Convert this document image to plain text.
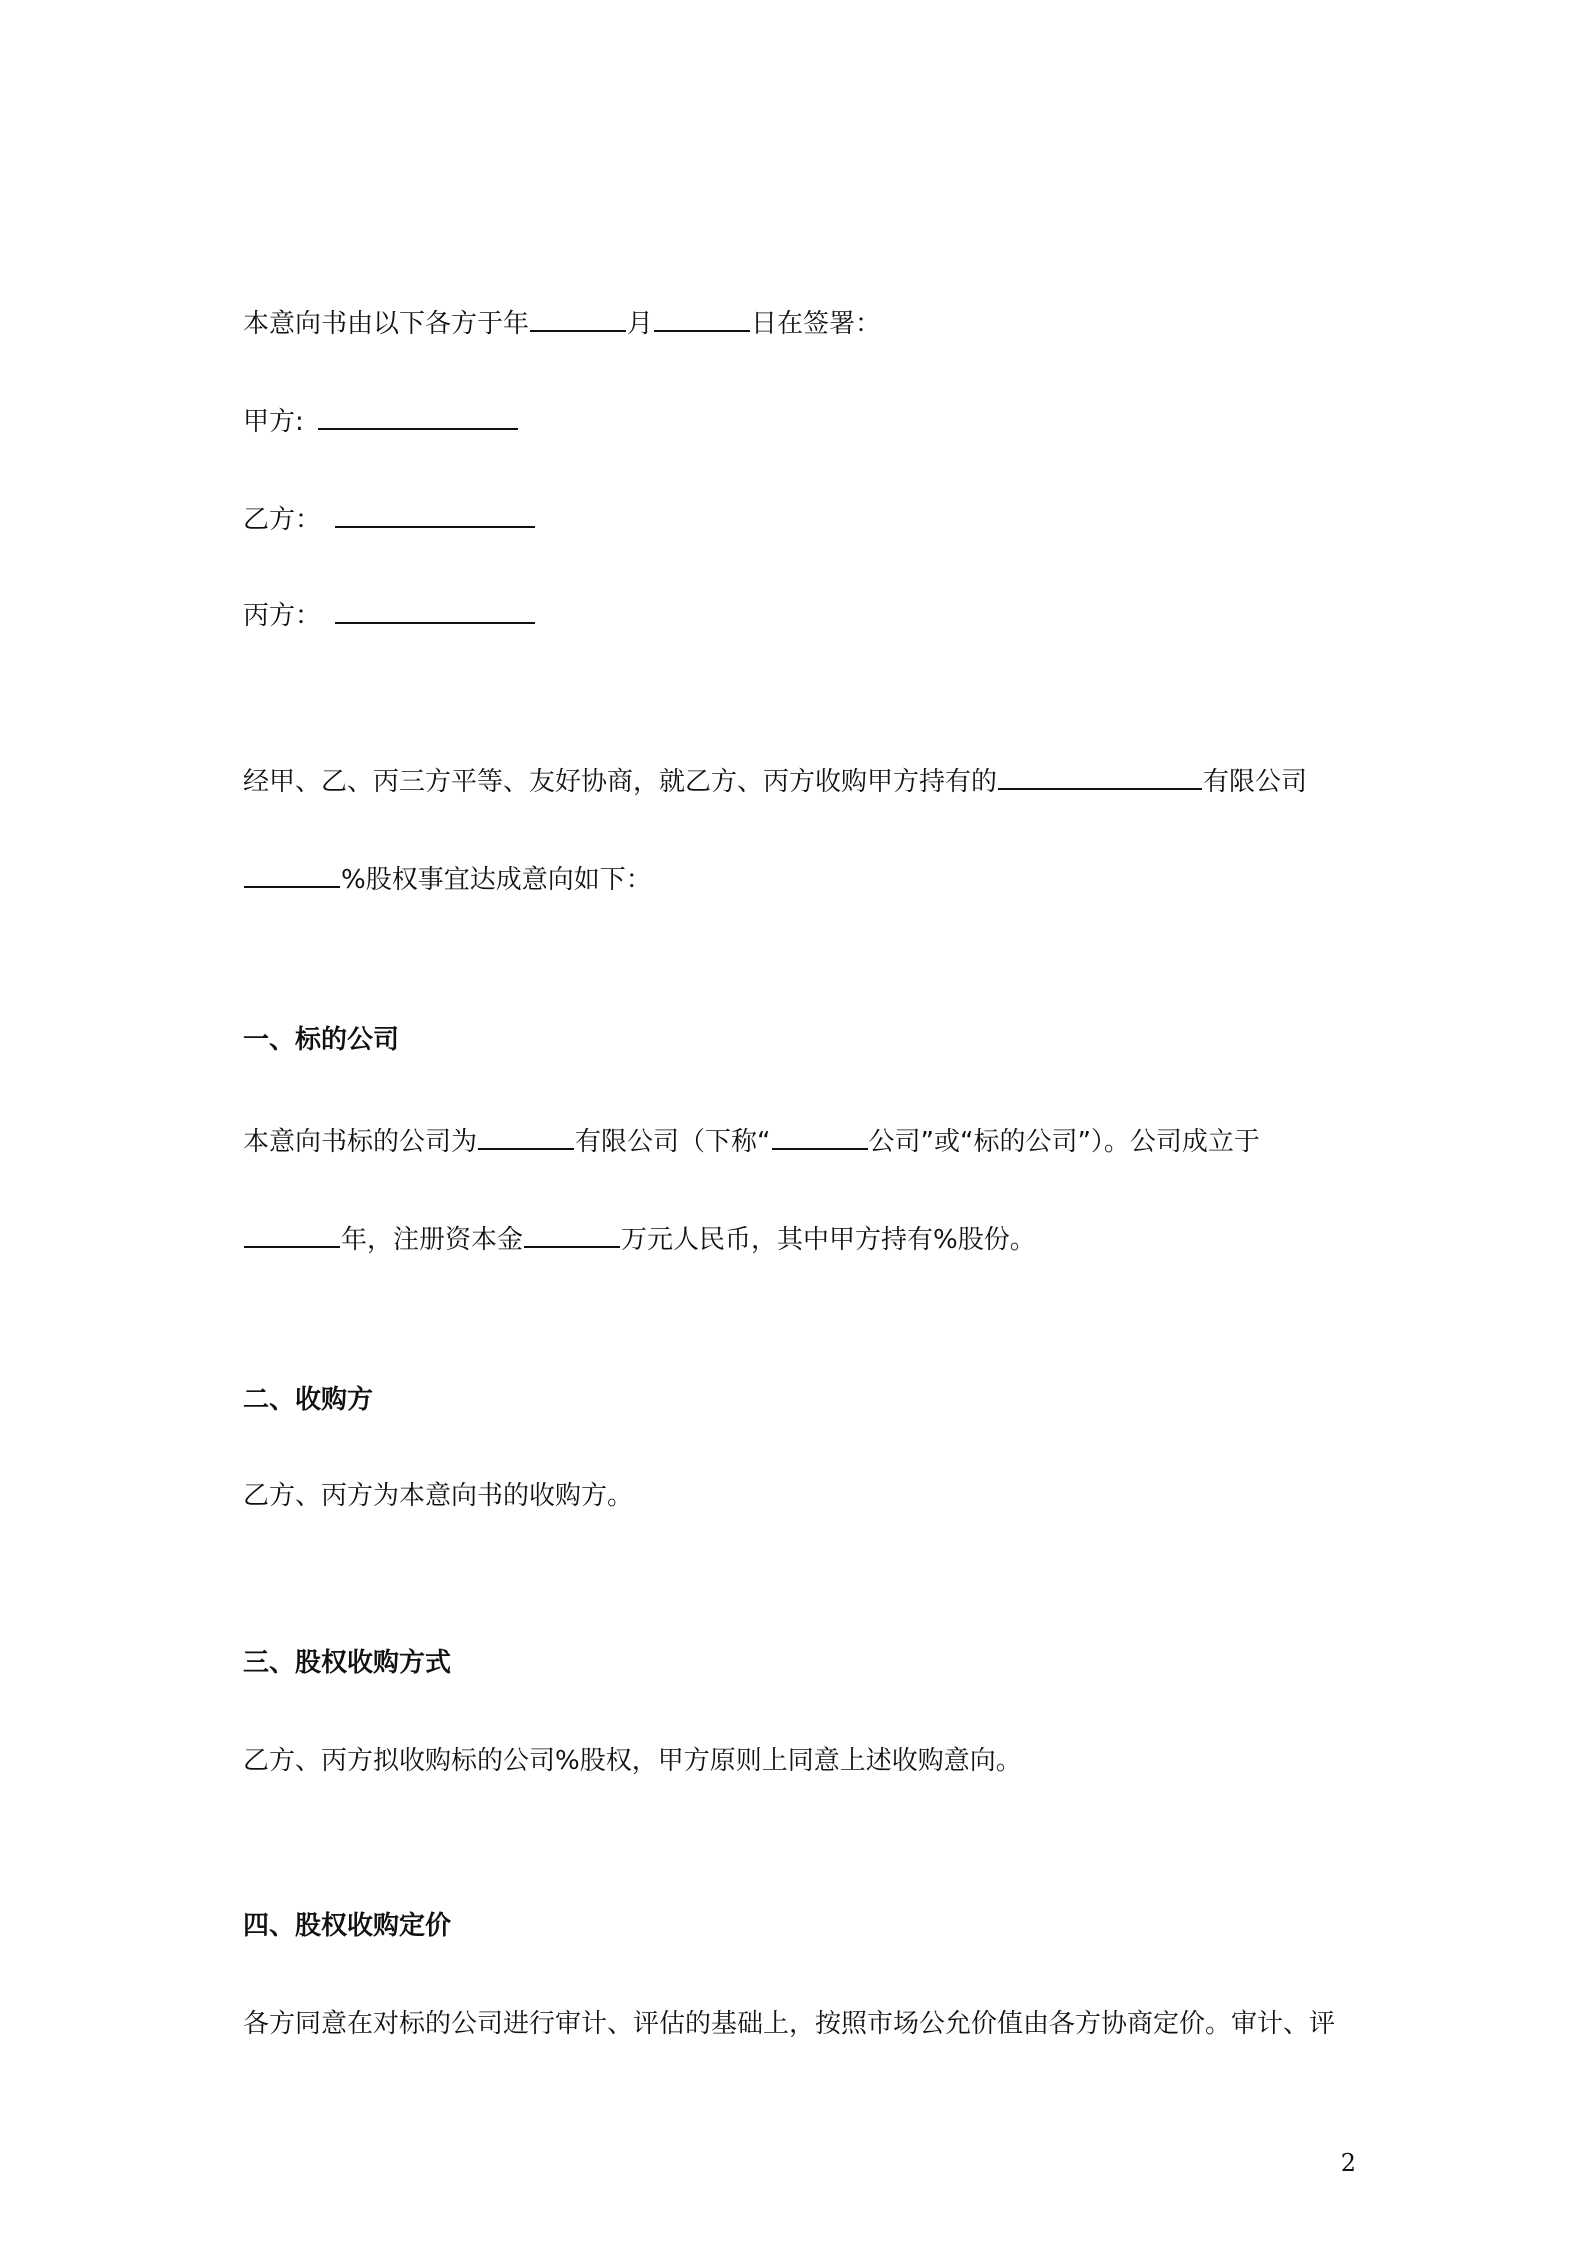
本意向书由以下各方于年	月	日在签署：
甲方:
乙方：
丙方：
经甲、乙、丙三方平等、友好协商，就乙方、丙方收购甲方持有的	有限公司
%股权事宜达成意向如下：
一、标的公司
本意向书标的公司为	有限公司（下称“	公司”或“标的公司”）。公司成立于
年，注册资本金	万元人民币，其中甲方持有%股份。
二、收购方
乙方、丙方为本意向书的收购方。
三、股权收购方式
乙方、丙方拟收购标的公司%股权，甲方原则上同意上述收购意向。
四、股权收购定价
各方同意在对标的公司进行审计、评估的基础上，按照市场公允价值由各方协商定价。审计、评
2
